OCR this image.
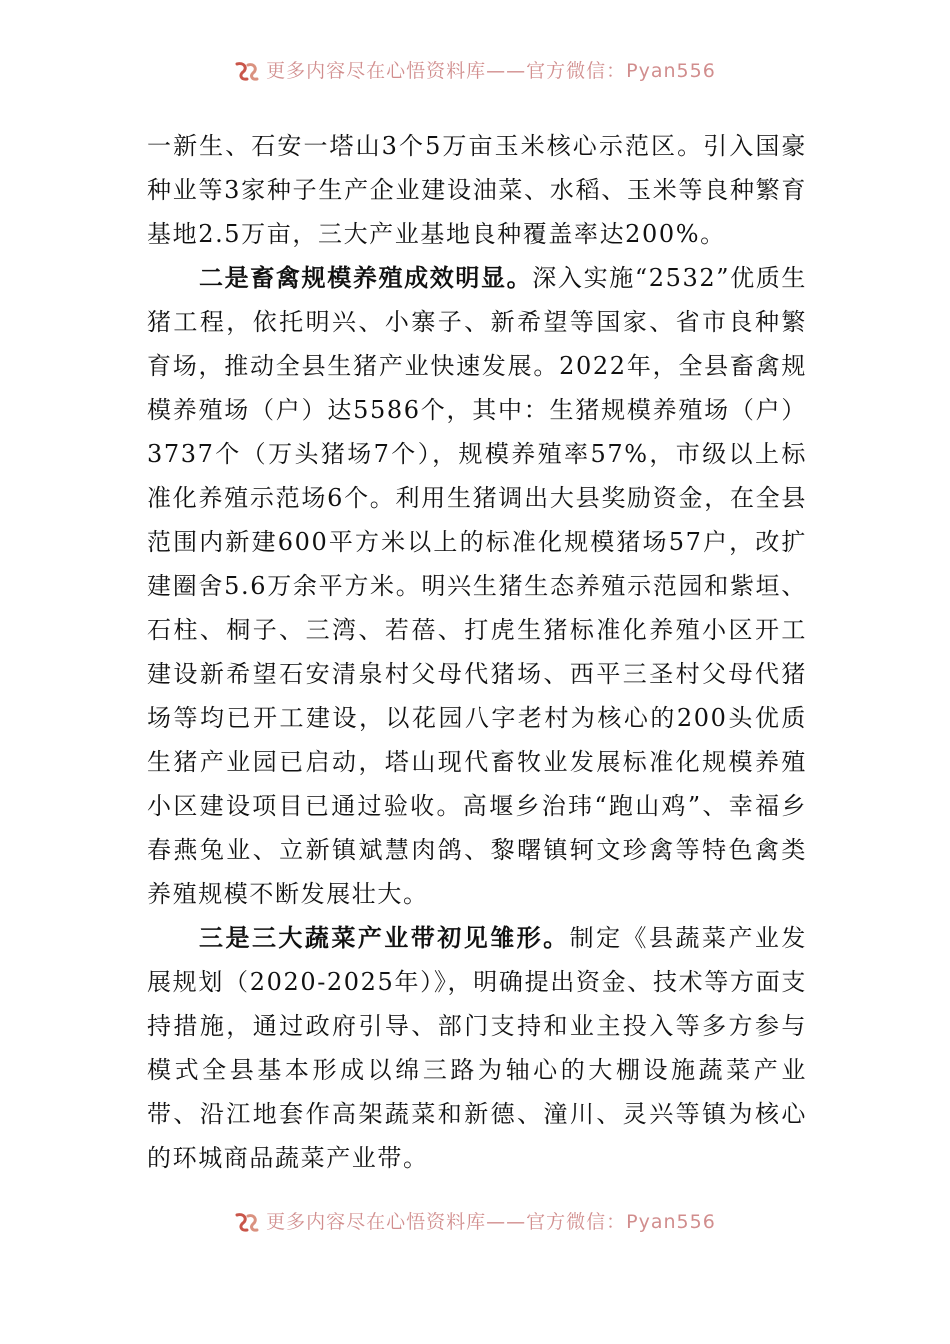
更多内容尽在心悟资料库——官方微信：Pyan556

一新生、石安一塔山3个5万亩玉米核心示范区。引入国豪种业等3家种子生产企业建设油菜、水稻、玉米等良种繁育基地2.5万亩，三大产业基地良种覆盖率达200%。

二是畜禽规模养殖成效明显。深入实施“2532”优质生猪工程，依托明兴、小寨子、新希望等国家、省市良种繁育场，推动全县生猪产业快速发展。2022年，全县畜禽规模养殖场（户）达5586个，其中：生猪规模养殖场（户）3737个（万头猪场7个），规模养殖率57%，市级以上标准化养殖示范场6个。利用生猪调出大县奖励资金，在全县范围内新建600平方米以上的标准化规模猪场57户，改扩建圈舍5.6万余平方米。明兴生猪生态养殖示范园和紫垣、石柱、桐子、三湾、若蓓、打虎生猪标准化养殖小区开工建设新希望石安清泉村父母代猪场、西平三圣村父母代猪场等均已开工建设，以花园八字老村为核心的200头优质生猪产业园已启动，塔山现代畜牧业发展标准化规模养殖小区建设项目已通过验收。高堰乡治玮“跑山鸡”、幸福乡春燕兔业、立新镇斌慧肉鸽、黎曙镇轲文珍禽等特色禽类养殖规模不断发展壮大。

三是三大蔬菜产业带初见雏形。制定《县蔬菜产业发展规划（2020-2025年）》，明确提出资金、技术等方面支持措施，通过政府引导、部门支持和业主投入等多方参与模式全县基本形成以绵三路为轴心的大棚设施蔬菜产业带、沿江地套作高架蔬菜和新德、潼川、灵兴等镇为核心的环城商品蔬菜产业带。

更多内容尽在心悟资料库——官方微信：Pyan556
